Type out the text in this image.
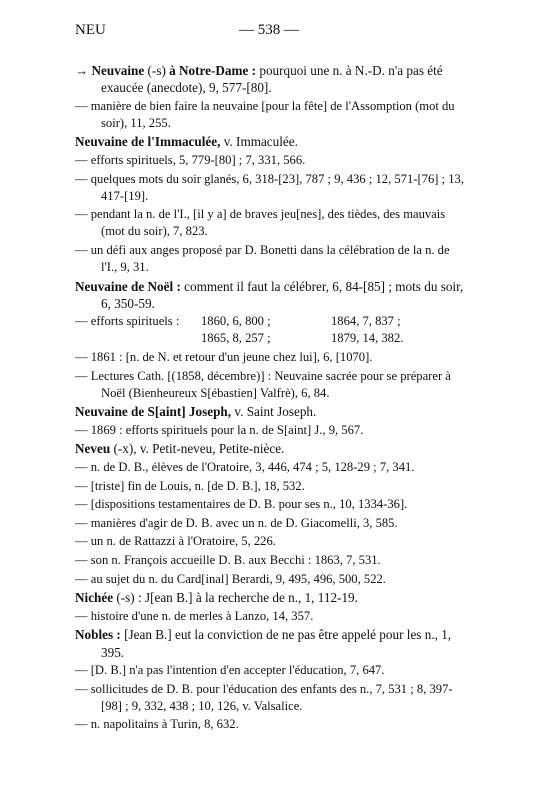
NEU	— 538 —
→ Neuvaine (-s) à Notre-Dame : pourquoi une n. à N.-D. n'a pas été exaucée (anecdote), 9, 577-[80].
— manière de bien faire la neuvaine [pour la fête] de l'Assomption (mot du soir), 11, 255.
Neuvaine de l'Immaculée, v. Immaculée.
— efforts spirituels, 5, 779-[80] ; 7, 331, 566.
— quelques mots du soir glanés, 6, 318-[23], 787 ; 9, 436 ; 12, 571-[76] ; 13, 417-[19].
— pendant la n. de l'I., [il y a] de braves jeu[nes], des tièdes, des mauvais (mot du soir), 7, 823.
— un défi aux anges proposé par D. Bonetti dans la célébration de la n. de l'I., 9, 31.
Neuvaine de Noël : comment il faut la célébrer, 6, 84-[85] ; mots du soir, 6, 350-59.
— efforts spirituels :	1860, 6, 800 ;	1864, 7, 837 ;
1865, 8, 257 ;	1879, 14, 382.
— 1861 : [n. de N. et retour d'un jeune chez lui], 6, [1070].
— Lectures Cath. [(1858, décembre)] : Neuvaine sacrée pour se préparer à Noël (Bienheureux S[ébastien] Valfrè), 6, 84.
Neuvaine de S[aint] Joseph, v. Saint Joseph.
— 1869 : efforts spirituels pour la n. de S[aint] J., 9, 567.
Neveu (-x), v. Petit-neveu, Petite-nièce.
— n. de D. B., élèves de l'Oratoire, 3, 446, 474 ; 5, 128-29 ; 7, 341.
— [triste] fin de Louis, n. [de D. B.], 18, 532.
— [dispositions testamentaires de D. B. pour ses n., 10, 1334-36].
— manières d'agir de D. B. avec un n. de D. Giacomelli, 3, 585.
— un n. de Rattazzi à l'Oratoire, 5, 226.
— son n. François accueille D. B. aux Becchi : 1863, 7, 531.
— au sujet du n. du Card[inal] Berardi, 9, 495, 496, 500, 522.
Nichée (-s) : J[ean B.] à la recherche de n., 1, 112-19.
— histoire d'une n. de merles à Lanzo, 14, 357.
Nobles : [Jean B.] eut la conviction de ne pas être appelé pour les n., 1, 395.
— [D. B.] n'a pas l'intention d'en accepter l'éducation, 7, 647.
— sollicitudes de D. B. pour l'éducation des enfants des n., 7, 531 ; 8, 397-[98] ; 9, 332, 438 ; 10, 126, v. Valsalice.
— n. napolitains à Turin, 8, 632.
